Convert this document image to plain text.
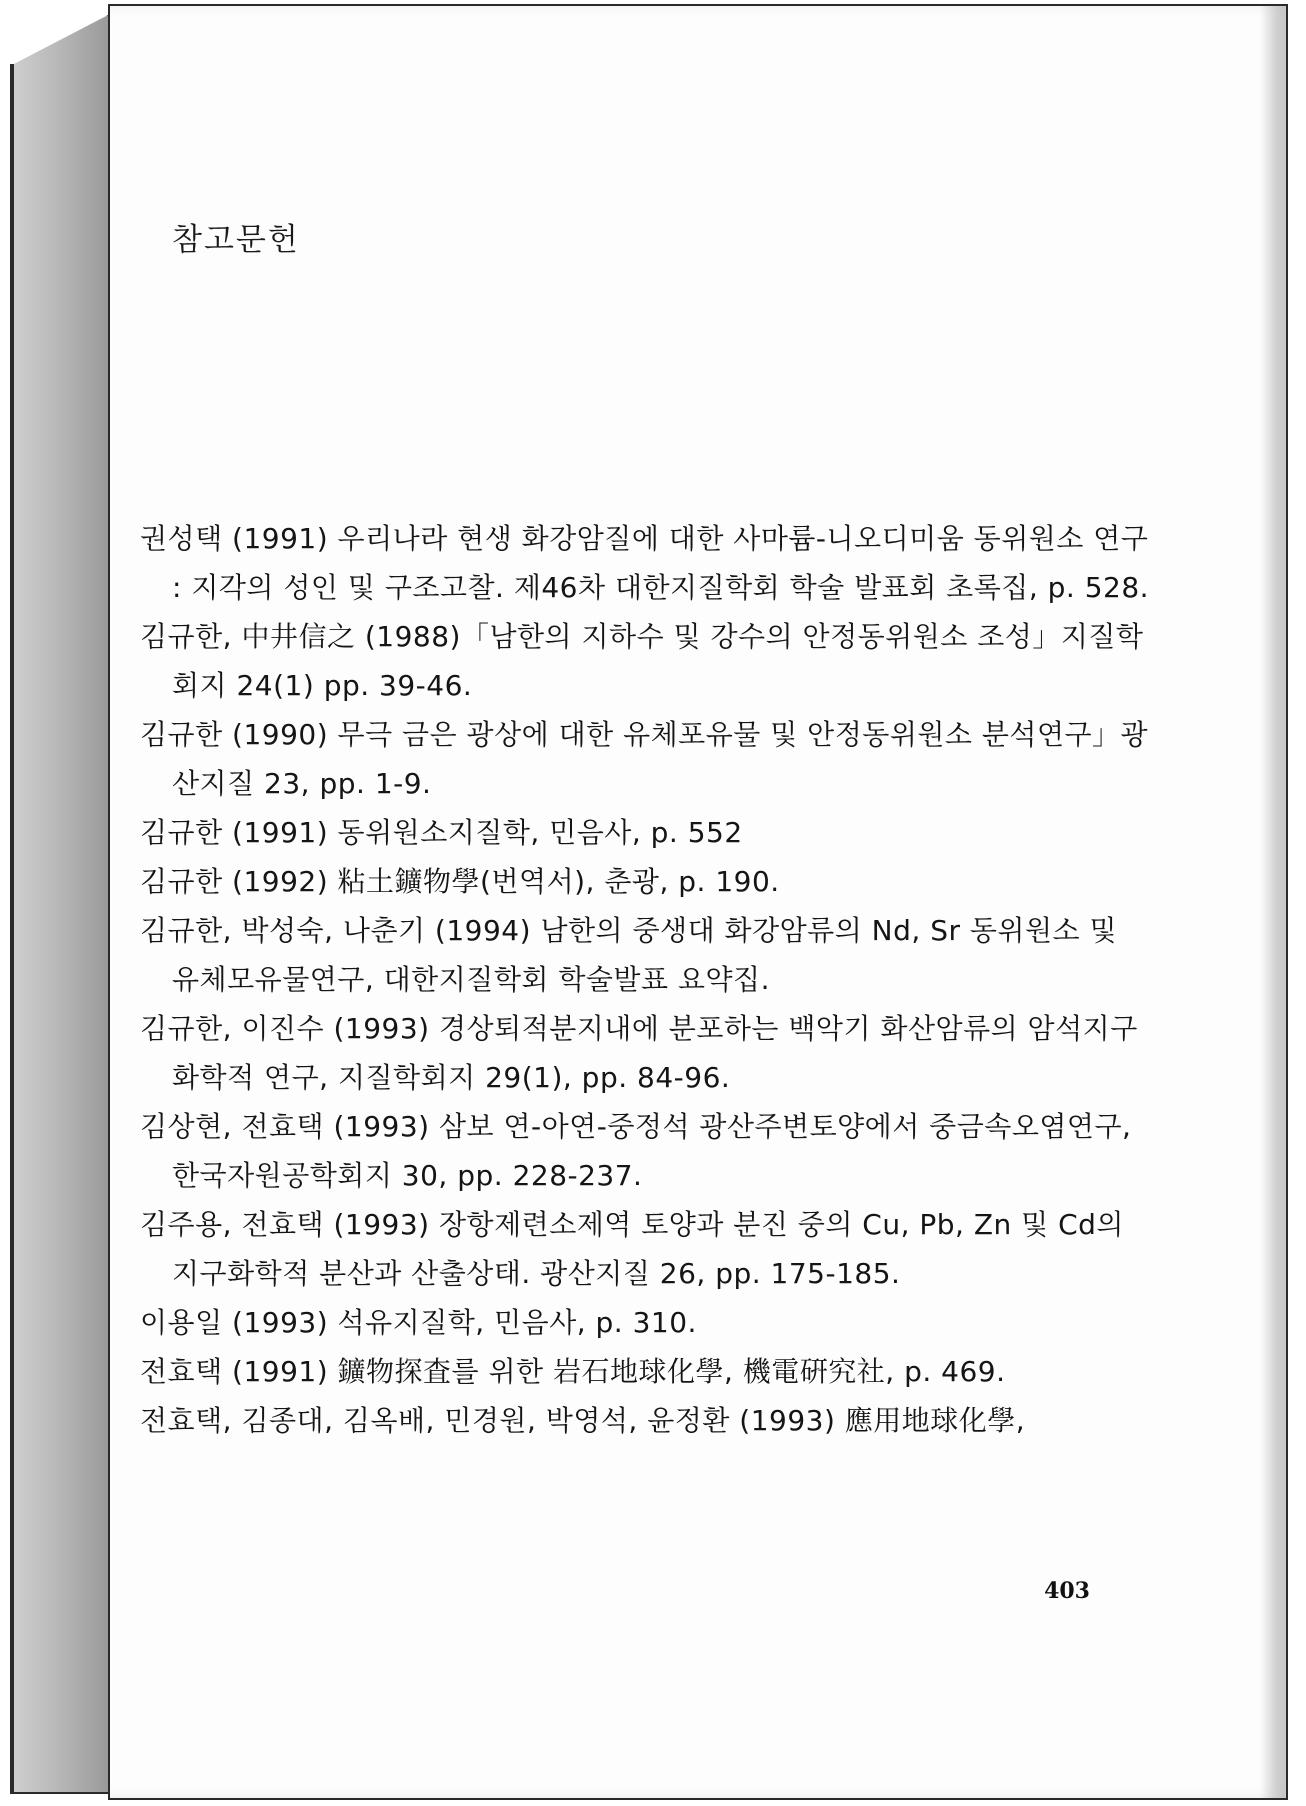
참고문헌
권성택 (1991) 우리나라 현생 화강암질에 대한 사마륨-니오디미움 동위원소 연구 : 지각의 성인 및 구조고찰. 제46차 대한지질학회 학술 발표회 초록집, p. 528.
김규한, 中井信之 (1988)「남한의 지하수 및 강수의 안정동위원소 조성」지질학회지 24(1) pp. 39-46.
김규한 (1990) 무극 금은 광상에 대한 유체포유물 및 안정동위원소 분석연구」광산지질 23, pp. 1-9.
김규한 (1991) 동위원소지질학, 민음사, p. 552
김규한 (1992) 粘土鑛物學(번역서), 춘광, p. 190.
김규한, 박성숙, 나춘기 (1994) 남한의 중생대 화강암류의 Nd, Sr 동위원소 및 유체모유물연구, 대한지질학회 학술발표 요약집.
김규한, 이진수 (1993) 경상퇴적분지내에 분포하는 백악기 화산암류의 암석지구화학적 연구, 지질학회지 29(1), pp. 84-96.
김상현, 전효택 (1993) 삼보 연-아연-중정석 광산주변토양에서 중금속오염연구, 한국자원공학회지 30, pp. 228-237.
김주용, 전효택 (1993) 장항제련소제역 토양과 분진 중의 Cu, Pb, Zn 및 Cd의 지구화학적 분산과 산출상태. 광산지질 26, pp. 175-185.
이용일 (1993) 석유지질학, 민음사, p. 310.
전효택 (1991) 鑛物探査를 위한 岩石地球化學, 機電硏究社, p. 469.
전효택, 김종대, 김옥배, 민경원, 박영석, 윤정환 (1993) 應用地球化學,
403
